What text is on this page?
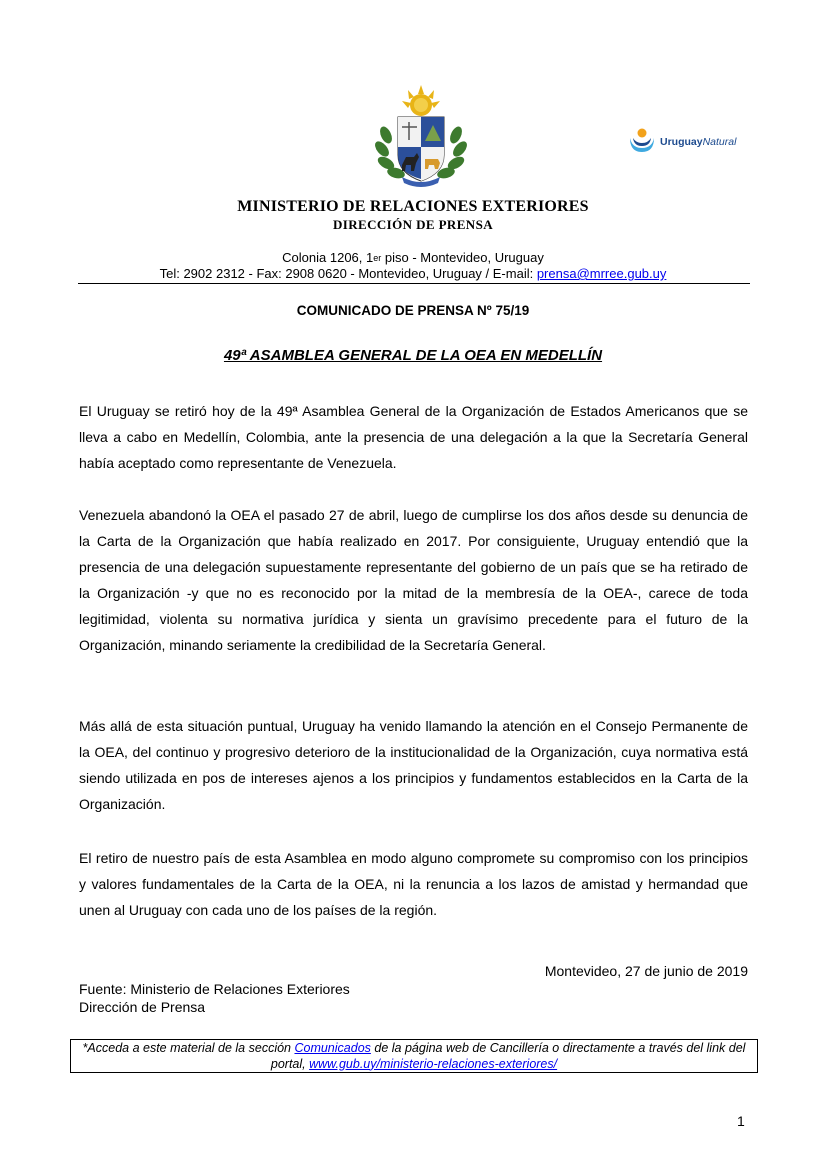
UruguayNatural
MINISTERIO DE RELACIONES EXTERIORES
DIRECCIÓN DE PRENSA
Colonia 1206, 1er piso - Montevideo, Uruguay
Tel: 2902 2312 - Fax: 2908 0620 - Montevideo, Uruguay / E-mail: prensa@mrree.gub.uy
COMUNICADO DE PRENSA Nº 75/19
49ª ASAMBLEA GENERAL DE LA OEA EN MEDELLÍN
El Uruguay se retiró hoy de la 49ª Asamblea General de la Organización de Estados Americanos que se lleva a cabo en Medellín, Colombia, ante la presencia de una delegación a la que la Secretaría General había aceptado como representante de Venezuela.
Venezuela abandonó la OEA el pasado 27 de abril, luego de cumplirse los dos años desde su denuncia de la Carta de la Organización que había realizado en 2017. Por consiguiente, Uruguay entendió que la presencia de una delegación supuestamente representante del gobierno de un país que se ha retirado de la Organización -y que no es reconocido por la mitad de la membresía de la OEA-, carece de toda legitimidad, violenta su normativa jurídica y sienta un gravísimo precedente para el futuro de la Organización, minando seriamente la credibilidad de la Secretaría General.
Más allá de esta situación puntual, Uruguay ha venido llamando la atención en el Consejo Permanente de la OEA, del continuo y progresivo deterioro de la institucionalidad de la Organización, cuya normativa está siendo utilizada en pos de intereses ajenos a los principios y fundamentos establecidos en la Carta de la Organización.
El retiro de nuestro país de esta Asamblea en modo alguno compromete su compromiso con los principios y valores fundamentales de la Carta de la OEA, ni la renuncia a los lazos de amistad y hermandad que unen al Uruguay con cada uno de los países de la región.
Montevideo, 27 de junio de 2019
Fuente: Ministerio de Relaciones Exteriores
Dirección de Prensa
*Acceda a este material de la sección Comunicados de la página web de Cancillería o directamente a través del link del portal, www.gub.uy/ministerio-relaciones-exteriores/
1
